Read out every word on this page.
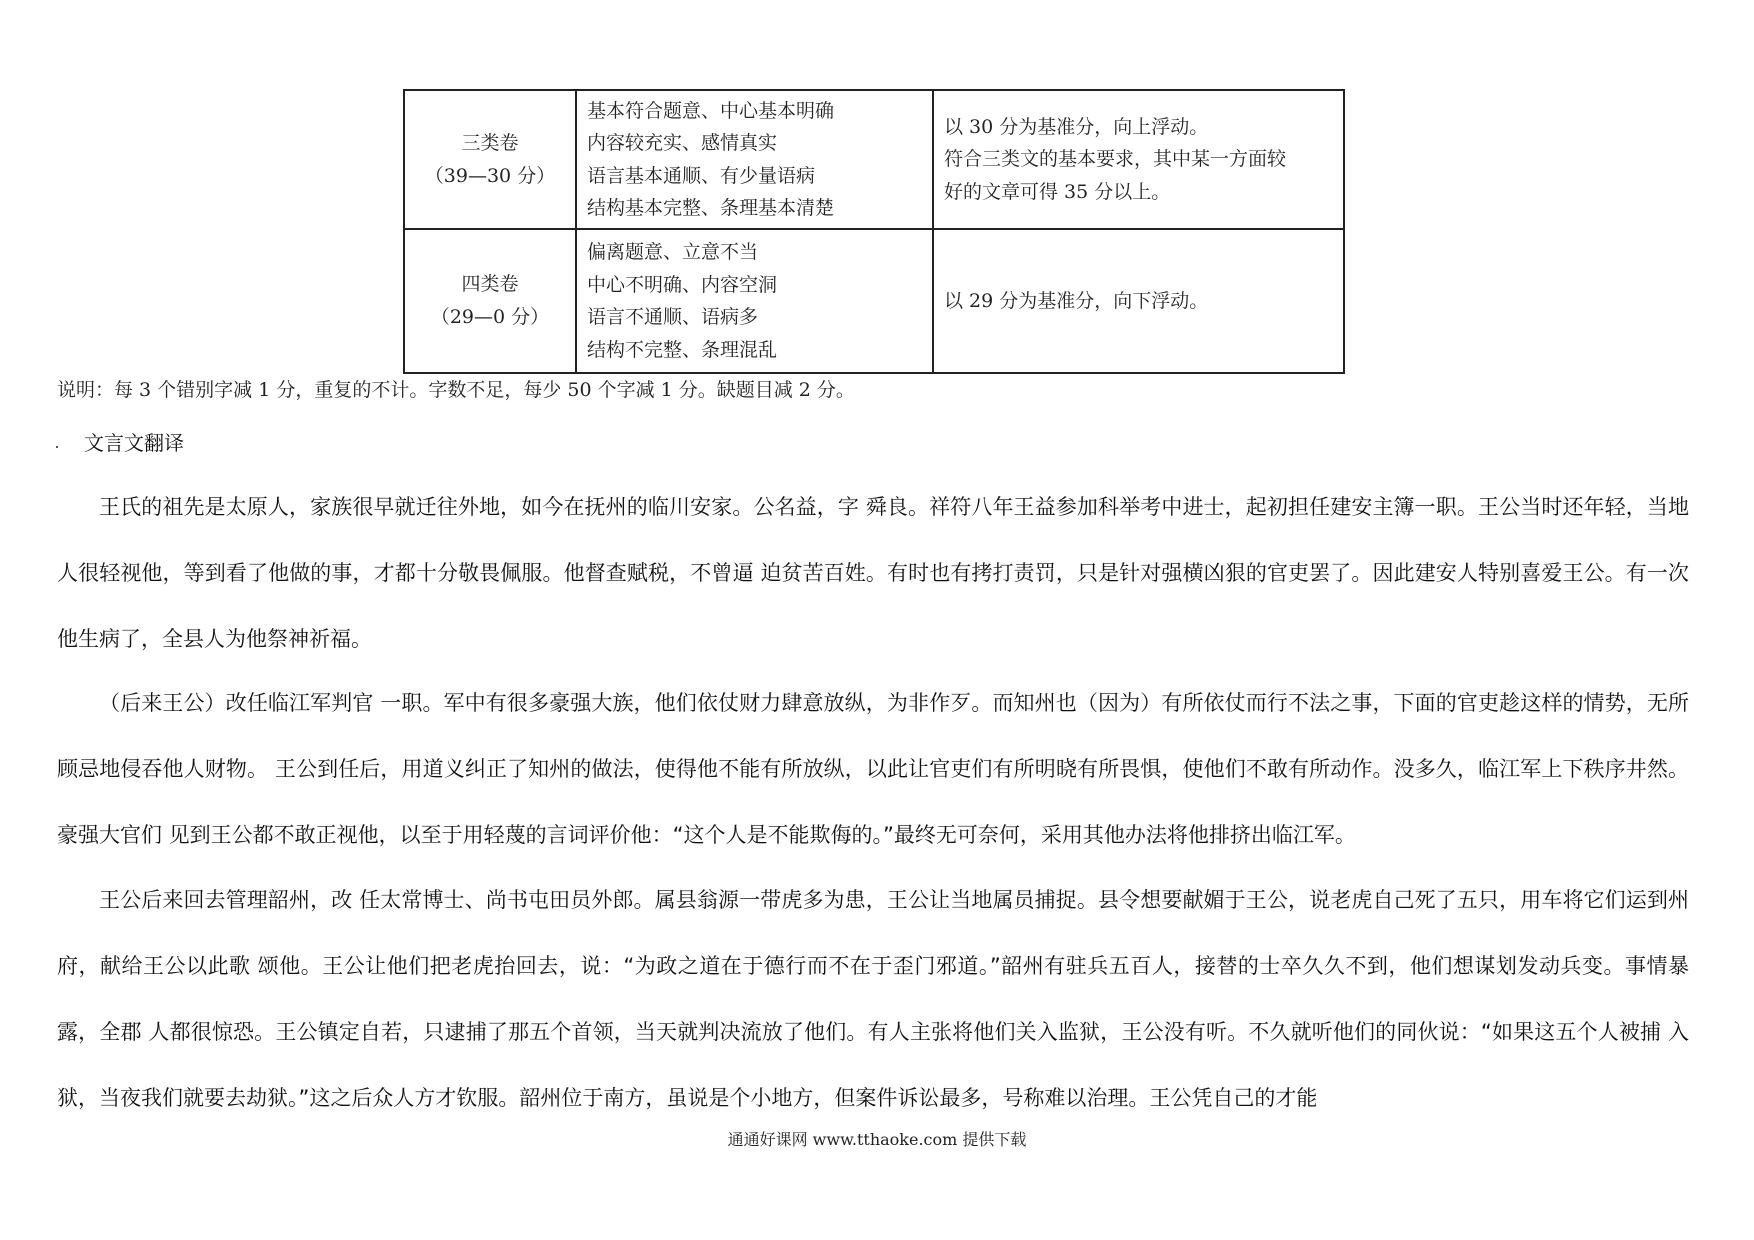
三类卷
（39—30 分）	基本符合题意、中心基本明确
内容较充实、感情真实
语言基本通顺、有少量语病
结构基本完整、条理基本清楚	以 30 分为基准分，向上浮动。
符合三类文的基本要求，其中某一方面较
好的文章可得 35 分以上。

四类卷
（29—0 分）	偏离题意、立意不当
中心不明确、内容空洞
语言不通顺、语病多
结构不完整、条理混乱	以 29 分为基准分，向下浮动。
说明：每 3 个错别字减 1 分，重复的不计。字数不足，每少 50 个字减 1 分。缺题目减 2 分。
文言文翻译
王氏的祖先是太原人，家族很早就迁往外地，如今在抚州的临川安家。公名益，字 舜良。祥符八年王益参加科举考中进士，起初担任建安主簿一职。王公当时还年轻，当地人很轻视他，等到看了他做的事，才都十分敬畏佩服。他督查赋税，不曾逼 迫贫苦百姓。有时也有拷打责罚，只是针对强横凶狠的官吏罢了。因此建安人特别喜爱王公。有一次他生病了，全县人为他祭神祈福。
（后来王公）改任临江军判官 一职。军中有很多豪强大族，他们依仗财力肆意放纵，为非作歹。而知州也（因为）有所依仗而行不法之事，下面的官吏趁这样的情势，无所顾忌地侵吞他人财物。 王公到任后，用道义纠正了知州的做法，使得他不能有所放纵，以此让官吏们有所明晓有所畏惧，使他们不敢有所动作。没多久，临江军上下秩序井然。豪强大官们 见到王公都不敢正视他，以至于用轻蔑的言词评价他：“这个人是不能欺侮的。”最终无可奈何，采用其他办法将他排挤出临江军。
王公后来回去管理韶州，改 任太常博士、尚书屯田员外郎。属县翁源一带虎多为患，王公让当地属员捕捉。县令想要献媚于王公，说老虎自己死了五只，用车将它们运到州府，献给王公以此歌 颂他。王公让他们把老虎抬回去，说：“为政之道在于德行而不在于歪门邪道。”韶州有驻兵五百人，接替的士卒久久不到，他们想谋划发动兵变。事情暴露，全郡 人都很惊恐。王公镇定自若，只逮捕了那五个首领，当天就判决流放了他们。有人主张将他们关入监狱，王公没有听。不久就听他们的同伙说：“如果这五个人被捕 入狱，当夜我们就要去劫狱。”这之后众人方才钦服。韶州位于南方，虽说是个小地方，但案件诉讼最多，号称难以治理。王公凭自己的才能
通通好课网 www.tthaoke.com 提供下载
